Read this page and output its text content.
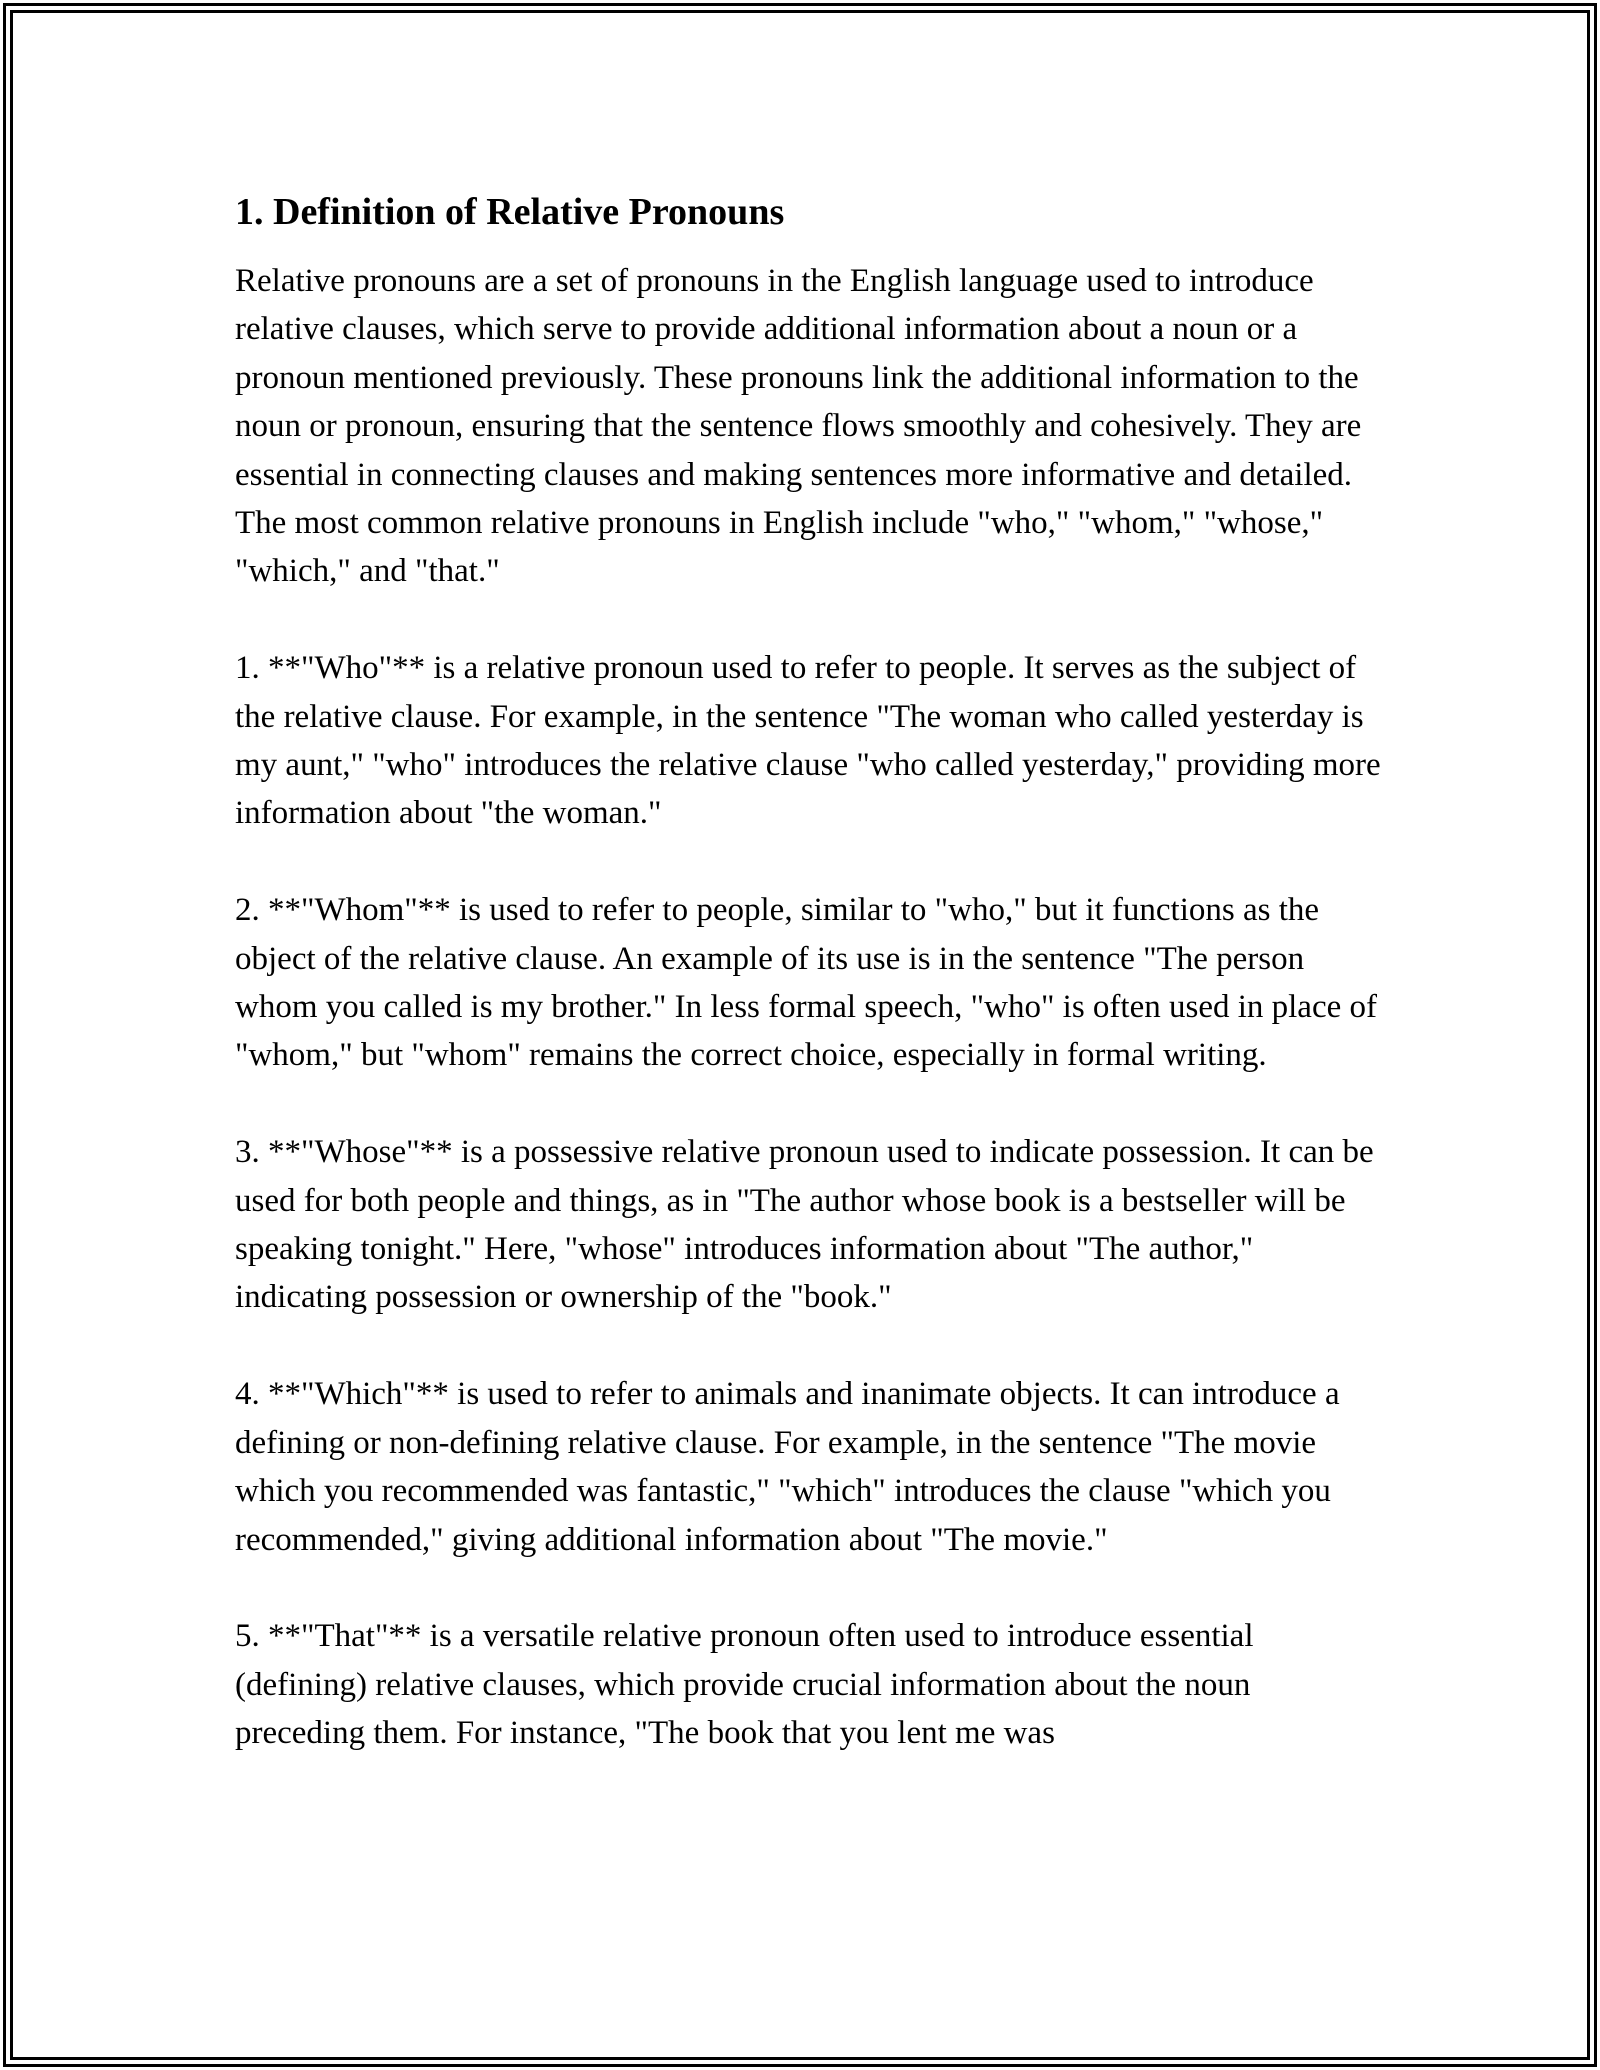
1. Definition of Relative Pronouns

Relative pronouns are a set of pronouns in the English language used to introduce relative clauses, which serve to provide additional information about a noun or a pronoun mentioned previously. These pronouns link the additional information to the noun or pronoun, ensuring that the sentence flows smoothly and cohesively. They are essential in connecting clauses and making sentences more informative and detailed. The most common relative pronouns in English include "who," "whom," "whose," "which," and "that."

1. **"Who"** is a relative pronoun used to refer to people. It serves as the subject of the relative clause. For example, in the sentence "The woman who called yesterday is my aunt," "who" introduces the relative clause "who called yesterday," providing more information about "the woman."

2. **"Whom"** is used to refer to people, similar to "who," but it functions as the object of the relative clause. An example of its use is in the sentence "The person whom you called is my brother." In less formal speech, "who" is often used in place of "whom," but "whom" remains the correct choice, especially in formal writing.

3. **"Whose"** is a possessive relative pronoun used to indicate possession. It can be used for both people and things, as in "The author whose book is a bestseller will be speaking tonight." Here, "whose" introduces information about "The author," indicating possession or ownership of the "book."

4. **"Which"** is used to refer to animals and inanimate objects. It can introduce a defining or non-defining relative clause. For example, in the sentence "The movie which you recommended was fantastic," "which" introduces the clause "which you recommended," giving additional information about "The movie."

5. **"That"** is a versatile relative pronoun often used to introduce essential (defining) relative clauses, which provide crucial information about the noun preceding them. For instance, "The book that you lent me was
